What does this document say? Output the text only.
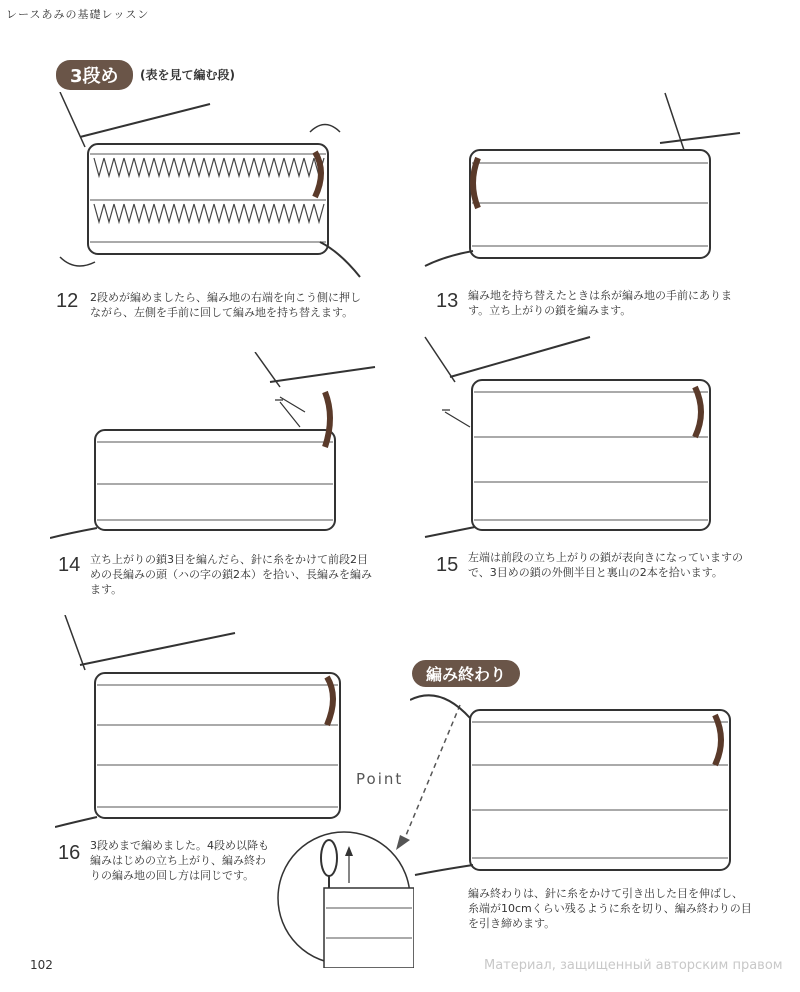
レースあみの基礎レッスン
3段め	(表を見て編む段)
12 2段めが編めましたら、編み地の右端を向こう側に押しながら、左側を手前に回して編み地を持ち替えます。
13 編み地を持ち替えたときは糸が編み地の手前にあります。立ち上がりの鎖を編みます。
14 立ち上がりの鎖3目を編んだら、針に糸をかけて前段2目めの長編みの頭（ハの字の鎖2本）を拾い、長編みを編みます。
15 左端は前段の立ち上がりの鎖が表向きになっていますので、3目めの鎖の外側半目と裏山の2本を拾います。
16 3段めまで編めました。4段め以降も編みはじめの立ち上がり、編み終わりの編み地の回し方は同じです。
Point
編み終わり
編み終わりは、針に糸をかけて引き出した目を伸ばし、糸端が10cmくらい残るように糸を切り、編み終わりの目を引き締めます。
102	Материал, защищенный авторским правом
